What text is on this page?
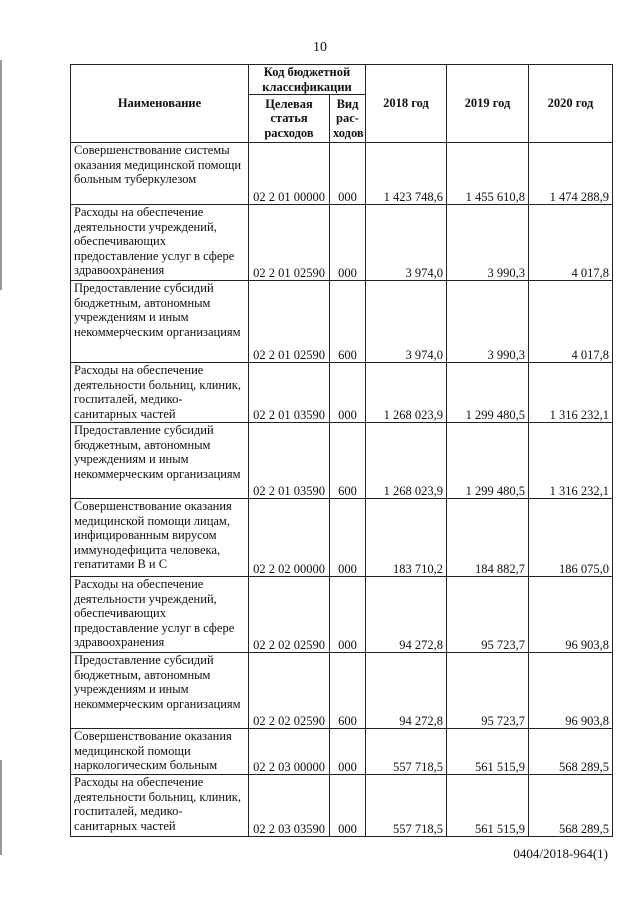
10
Наименование	Код бюджетной классификации		2018 год	2019 год	2020 год
	Целевая статья расходов	Вид рас-ходов			
Совершенствование системы оказания медицинской помощи больным туберкулезом	02 2 01 00000	000	1 423 748,6	1 455 610,8	1 474 288,9
Расходы на обеспечение деятельности учреждений, обеспечивающих предоставление услуг в сфере здравоохранения	02 2 01 02590	000	3 974,0	3 990,3	4 017,8
Предоставление субсидий бюджетным, автономным учреждениям и иным некоммерческим организациям	02 2 01 02590	600	3 974,0	3 990,3	4 017,8
Расходы на обеспечение деятельности больниц, клиник, госпиталей, медико-санитарных частей	02 2 01 03590	000	1 268 023,9	1 299 480,5	1 316 232,1
Предоставление субсидий бюджетным, автономным учреждениям и иным некоммерческим организациям	02 2 01 03590	600	1 268 023,9	1 299 480,5	1 316 232,1
Совершенствование оказания медицинской помощи лицам, инфицированным вирусом иммунодефицита человека, гепатитами В и С	02 2 02 00000	000	183 710,2	184 882,7	186 075,0
Расходы на обеспечение деятельности учреждений, обеспечивающих предоставление услуг в сфере здравоохранения	02 2 02 02590	000	94 272,8	95 723,7	96 903,8
Предоставление субсидий бюджетным, автономным учреждениям и иным некоммерческим организациям	02 2 02 02590	600	94 272,8	95 723,7	96 903,8
Совершенствование оказания медицинской помощи наркологическим больным	02 2 03 00000	000	557 718,5	561 515,9	568 289,5
Расходы на обеспечение деятельности больниц, клиник, госпиталей, медико-санитарных частей	02 2 03 03590	000	557 718,5	561 515,9	568 289,5
0404/2018-964(1)
